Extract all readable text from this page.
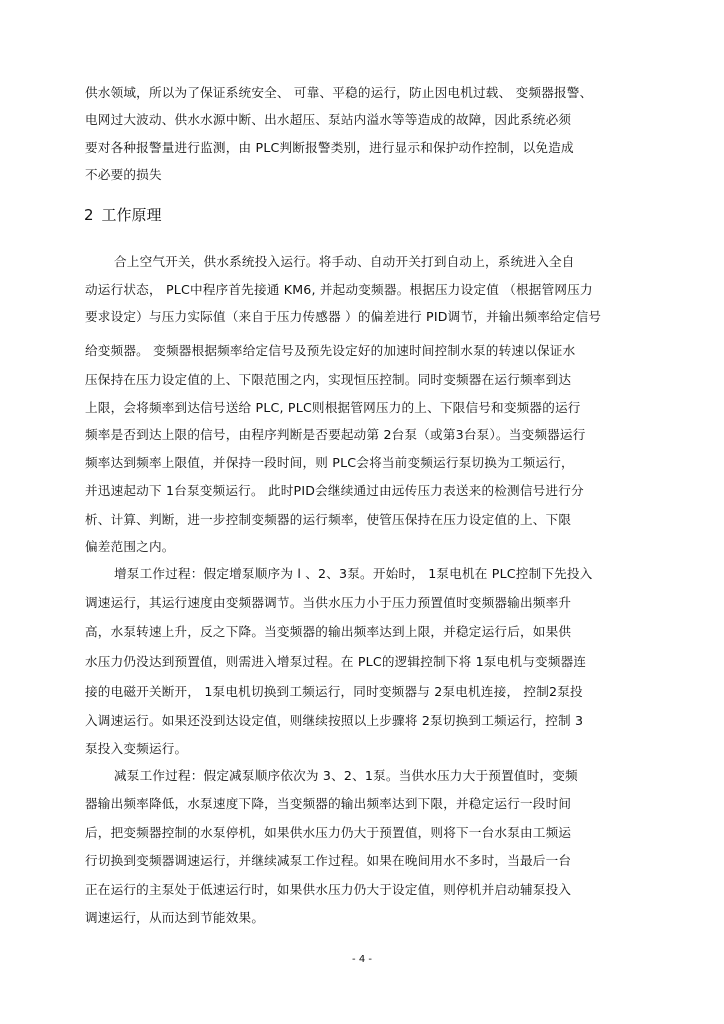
供水领域，所以为了保证系统安全、 可靠、平稳的运行，防止因电机过载、 变频器报警、
电网过大波动、供水水源中断、出水超压、泵站内溢水等等造成的故障，因此系统必须
要对各种报警量进行监测，由 PLC判断报警类别，进行显示和保护动作控制，以免造成
不必要的损失
2 工作原理
合上空气开关，供水系统投入运行。将手动、自动开关打到自动上，系统进入全自
动运行状态， PLC中程序首先接通 KM6, 并起动变频器。根据压力设定值 （根据管网压力
要求设定）与压力实际值（来自于压力传感器 ）的偏差进行 PID调节，并输出频率给定信号
给变频器。 变频器根据频率给定信号及预先设定好的加速时间控制水泵的转速以保证水
压保持在压力设定值的上、下限范围之内，实现恒压控制。同时变频器在运行频率到达
上限，会将频率到达信号送给 PLC, PLC则根据管网压力的上、下限信号和变频器的运行
频率是否到达上限的信号，由程序判断是否要起动第 2台泵（或第3台泵）。当变频器运行
频率达到频率上限值，并保持一段时间，则 PLC会将当前变频运行泵切换为工频运行，
并迅速起动下 1台泵变频运行。 此时PID会继续通过由远传压力表送来的检测信号进行分
析、计算、判断，进一步控制变频器的运行频率，使管压保持在压力设定值的上、下限
偏差范围之内。
增泵工作过程：假定增泵顺序为 l 、2、3泵。开始时， 1泵电机在 PLC控制下先投入
调速运行，其运行速度由变频器调节。当供水压力小于压力预置值时变频器输出频率升
高，水泵转速上升，反之下降。当变频器的输出频率达到上限，并稳定运行后，如果供
水压力仍没达到预置值，则需进入增泵过程。在 PLC的逻辑控制下将 1泵电机与变频器连
接的电磁开关断开， 1泵电机切换到工频运行，同时变频器与 2泵电机连接， 控制2泵投
入调速运行。如果还没到达设定值，则继续按照以上步骤将 2泵切换到工频运行，控制 3
泵投入变频运行。
减泵工作过程：假定减泵顺序依次为 3、2、1泵。当供水压力大于预置值时，变频
器输出频率降低，水泵速度下降，当变频器的输出频率达到下限，并稳定运行一段时间
后，把变频器控制的水泵停机，如果供水压力仍大于预置值，则将下一台水泵由工频运
行切换到变频器调速运行，并继续减泵工作过程。如果在晚间用水不多时，当最后一台
正在运行的主泵处于低速运行时，如果供水压力仍大于设定值，则停机并启动辅泵投入
调速运行，从而达到节能效果。
- 4 -
